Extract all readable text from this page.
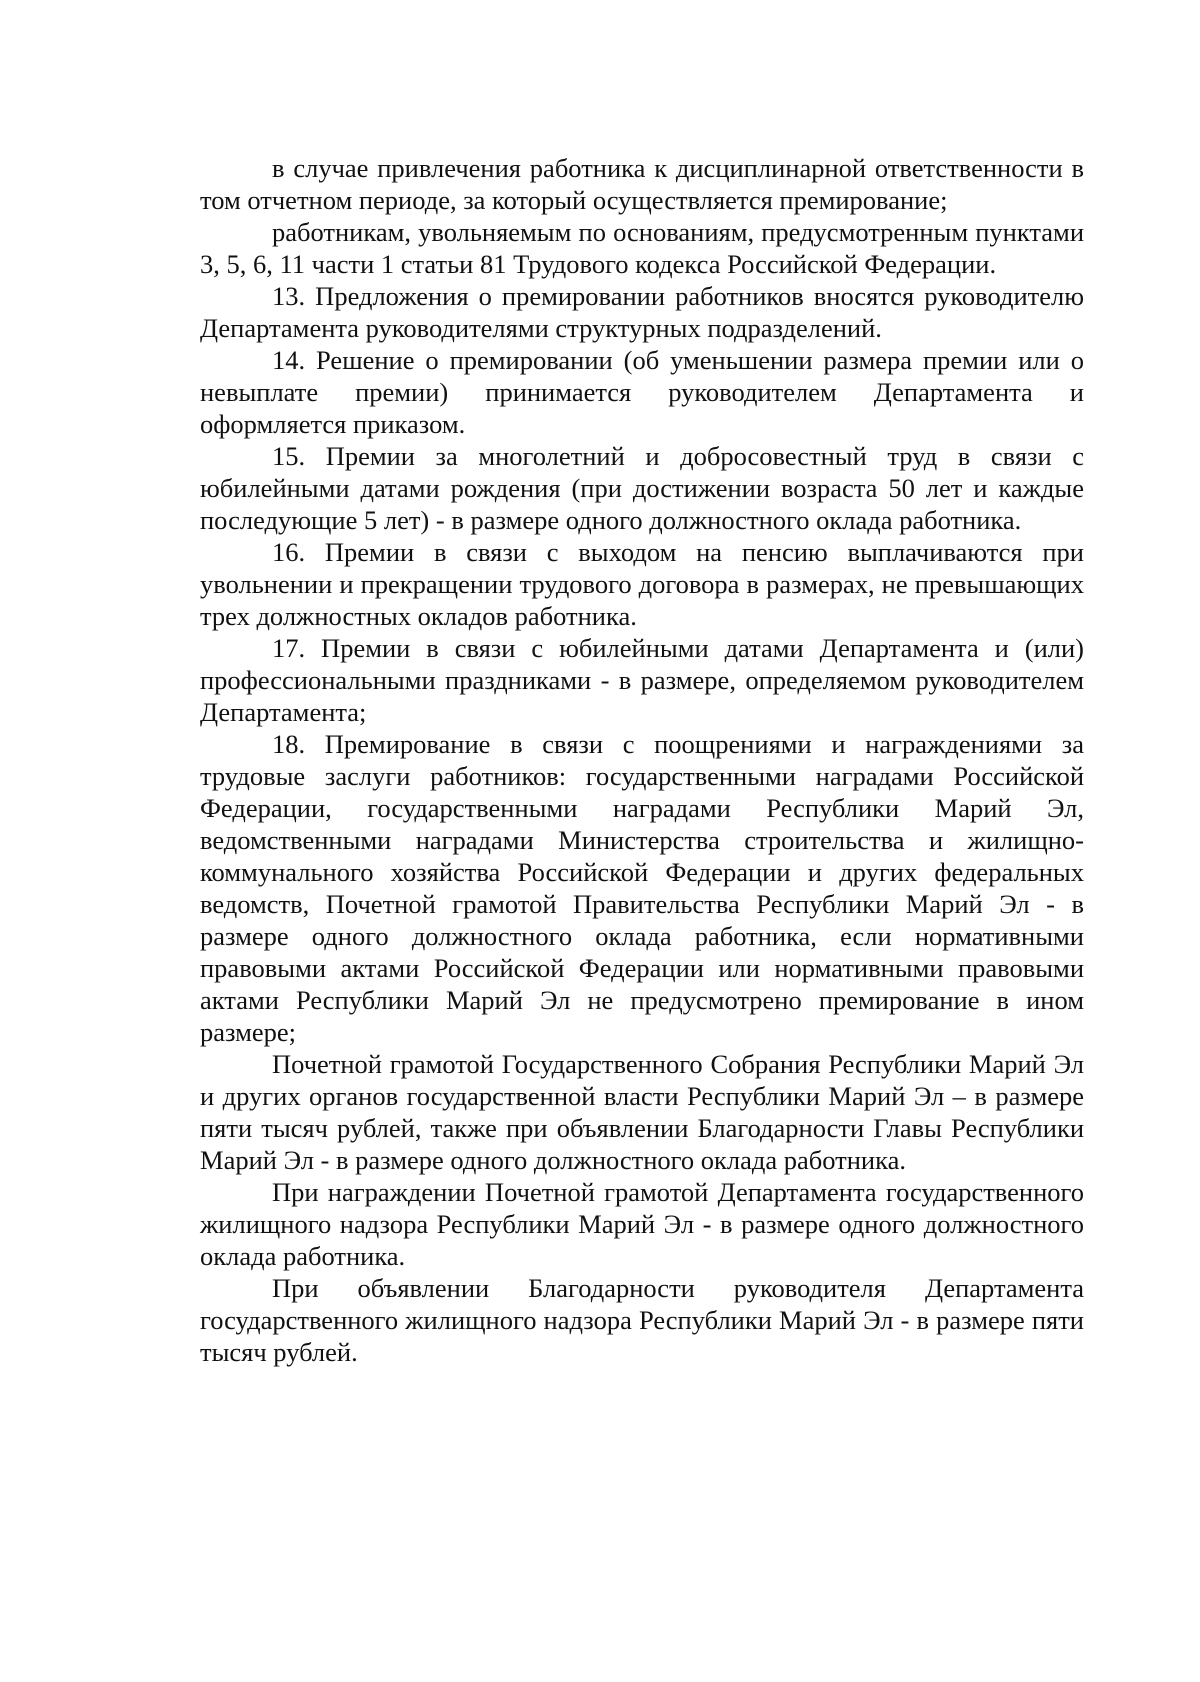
в случае привлечения работника к дисциплинарной ответственности в том отчетном периоде, за который осуществляется премирование;

работникам, увольняемым по основаниям, предусмотренным пунктами 3, 5, 6, 11 части 1 статьи 81 Трудового кодекса Российской Федерации.

13. Предложения о премировании работников вносятся руководителю Департамента руководителями структурных подразделений.

14. Решение о премировании (об уменьшении размера премии или о невыплате премии) принимается руководителем Департамента и оформляется приказом.

15. Премии за многолетний и добросовестный труд в связи с юбилейными датами рождения (при достижении возраста 50 лет и каждые последующие 5 лет) - в размере одного должностного оклада работника.

16. Премии в связи с выходом на пенсию выплачиваются при увольнении и прекращении трудового договора в размерах, не превышающих трех должностных окладов работника.

17. Премии в связи с юбилейными датами Департамента и (или) профессиональными праздниками - в размере, определяемом руководителем Департамента;

18. Премирование в связи с поощрениями и награждениями за трудовые заслуги работников: государственными наградами Российской Федерации, государственными наградами Республики Марий Эл, ведомственными наградами Министерства строительства и жилищно-коммунального хозяйства Российской Федерации и других федеральных ведомств, Почетной грамотой Правительства Республики Марий Эл - в размере одного должностного оклада работника, если нормативными правовыми актами Российской Федерации или нормативными правовыми актами Республики Марий Эл не предусмотрено премирование в ином размере;

Почетной грамотой Государственного Собрания Республики Марий Эл и других органов государственной власти Республики Марий Эл – в размере пяти тысяч рублей, также при объявлении Благодарности Главы Республики Марий Эл - в размере одного должностного оклада работника.

При награждении Почетной грамотой Департамента государственного жилищного надзора Республики Марий Эл - в размере одного должностного оклада работника.

При объявлении Благодарности руководителя Департамента государственного жилищного надзора Республики Марий Эл - в размере пяти тысяч рублей.
